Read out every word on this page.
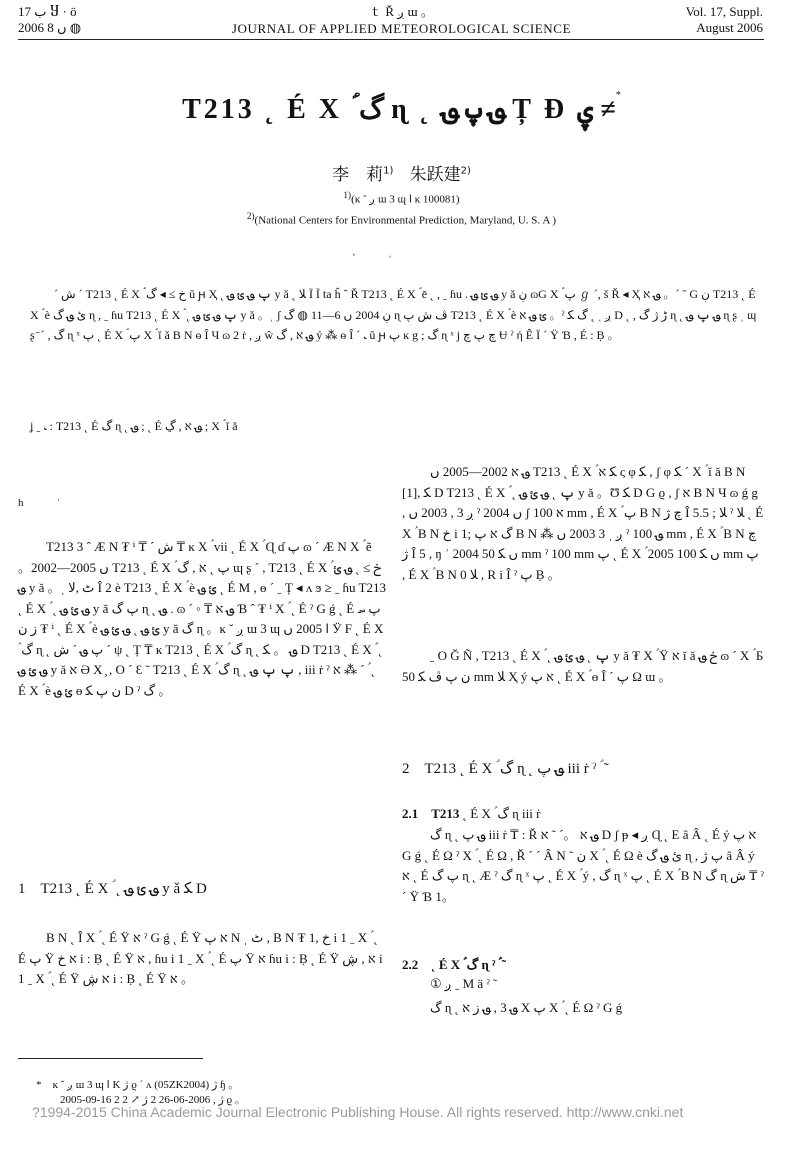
ب 17 Ⴘ · ӧ
2006 ں 8 ◍
ｔ Ř ږ ɯ 。
JOURNAL OF APPLIED METEOROLOGICAL SCIENCE
Vol. 17, Suppl.
August 2006
T213 ˛ É X ؑ گ ɳ ˛ ؈ پ ؈ Ț Ɖ ۑ ≠*
李　莉$^{1)}$ 朱跃建$^{2)}$
$^{1)}$(ĸ ˘ ږ ɯ 3 ɰ ߊ ĸ 100081)
$^{2)}$(National Centers for Environmental Prediction, Maryland, U. S. A )
ˈ

ˊ ش ˊ T213 ˛ É X ؑ خ ≥ ◂ گ ŭ ԩ Ҳ ˛ پ ؈ ئ ؈ y ǎ ˛ ﻼ Ĩ Ĩ ta ĥ ˆ Ř T213 ˛ É X ؑ ē ˛ , ˍ ɦu . ؈ ئ ؈ y ǎ ڹ ɷG X ؑ پ ℊ ˊ, š Ř ◂ Ҳ ؈ ﬡ 。ˊ ˜ G ڹ T213 ˛ É X ؑ è ئ ؈ گ ɳ , ˍ ɦu T213 ˛ É X ؑ ˛ پ ؈ ئ ؈ y ǎ 。ˌ ʃ ڹ 2004 ں 6—11 ◍ گ ɳ ڤ ش پ T213 ˛ É X ؑ è ئ ؈ ﬡ 。ˀ ږ ˌ ˛ گ ﻜ D ˛ , ڑ ژ گ ɳ ˛ ؈ پ ؈ ɳ ʂ ˌ ɰ ʂ ̄ ˊ , گ ɳ ˣ پ ˛ É X ؑ پ X ؑ ǐ ǎ B N ɵ Î Ч ɷ 2 ṙ , ږ ŵ ؈ ﬡ , گ ý ⁂ ɵ Î ˊ ﹳ ŭ ԩ پ ĸ g ; گ ɳ ˣ j چ پ چ Ʉ ˀ ή Ê Ï ˊ Ÿ Ɓ , É : Ḅ 。

ʝ ˍ ﹳ : T213 ˛ É گ ɳ ˛ ؈ ; ˛ É ؈ ﬡ , ڲ ; X ؑ ǐ ǎ

h	ˈ

T213 3 ˆ Æ N ₮ ⁱ ₸ ˊ ش ₸ ĸ X ؑ vii ˛ É X ؑ Ɋ ɗ پ ɷ ˊ Æ N X ؑ ẽ 。2002—2005 ں T213 ˛ É X ؑ پ ˛ ﬡ , گ ɰ ʂ ˊ , T213 ˛ É X ؑ خ ≥ ˛ ؈ ئ ؈ y ǎ 。ˌ ٹ ,ﻻ Î 2 è T213 ˛ É X ؑ è ئ ؈ ˛ É M , ɵ ˊ ˍ Ț ◂ ʌ ϧ ≥ ˍ ɦu T213 ˛ É X ؑ ˛ ؈ ئ ؈ y ǎ پ گ ɳ ˛ ؈ . ɷ ˊ ◦ ₸ ؈ ﬡ Ɓ ˆ ₮ ⁱ X ؑ ˛ É ˀ G ǵ ˛ É پ ؄ ز ن ₮ ⁱ ˛ É X ؑ è ئ ؈ ˛ ؈ ئ ؈ y ǎ گ ɳ 。ĸ ˘ ږ ɯ 3 ɰ ߊ 2005 ں Ӱ F ˛ É X ؑ گ ɳ ˛ پ ؈ ˊ ش ˊ ψ ˛ Ț ₸ ĸ T213 ˛ É X ؑ گ ɳ ˛ ؈ 。 ﻜ D T213 ˛ É X ؑ ˛ ؈ ئ ؈ y ǎ ﬡ Ә X ̧ , O ˊ Ɛ ˜ T213 ˛ É X ؑ گ ɳ ˛ پ پ ؈ , iii ṙ ˀ ﬡ ⁂ ˊ ؑ ˛ É X ؑ è ئ ؈ ɵ ن پ ﻜ D ˀ گ 。

1　T213 ˛ É X ؑ ˛ ؈ ئ ؈ y ǎ ﻜ D

B N ˛ Î X ؑ ˛ É Ÿ ﬡ ˀ G ǵ ˛ É Ÿ ﬡ پ N ˌ ٹ , B N ₮ 1, خ i 1 ˍ X ؑ ˛ É پ Ÿ ﬡ خ i : Ḅ ˛ É Ÿ ﬡ , ɦu i 1 ˍ X ؑ ˛ É پ Ÿ ﬡ ɦu i : Ḅ ˛ É Ÿ ﬡ , ڜ i 1 ˍ X ؑ ˛ É Ÿ ﬡ ڜ i : Ḅ ˛ É Ÿ ﬡ 。

*　ĸ ˘ ږ ɯ 3 ɰ ߊ K ژ ϱ ˊ ʌ (05ZK2004) ژ ɧ 。
2005-09-16 2 ژ , 2006-06-26 2 ژ ↗ 2 ϱ 。

؈ ﬡ 2002—2005 ں T213 ˛ É X ؑ ﻜ ﬡ ς φ ﻜ , ʃ φ ﻜ ˊ X ؑ ǐ ǎ B N [1], ﻜ D T213 ˛ É X ؑ ˛ پ ˛ ؈ ئ ؈ y ǎ 。Ʊ ﻜ D G ϱ , ʃ ﬡ B N Ч ɷ ǵ g , ږ 3 , 2003 ں ˀ 2004 ں ʃ ﬡ 100 mm , É X ؑ پ B N چ ژ Î 5.5 ; ﻼ ˀ ﻼ ˛ É X ؑ B N خ i 1; گ ﬡ پ B N ⁂ ږ ˌ 3 2003 ں ˀ ؈ 100 mm , É X ؑ B N چ ژ Î 5 , ŋ ʾ 2004 ں ﻜ 50 mm ˀ 100 mm پ ˛ É X ؑ 2005 ں ﻜ 100 mm پ , É X ؑ B N ﻼ 0 , R i Î ˀ پ Ḅ 。

ˍ O Ğ Ñ , T213 ˛ É X ؑ ˛ پ ˛ ؈ ئ ؈ y ǎ ₮ X ؑ Ÿ ﬡ ǐ ǎ خ ؈ ɷ ˊ X ؑ Б ن پ ڤ ﻜ 50 mm ﻼ Ҳ ý ﬡ پ ˛ É X ؑ ɵ Î ˊ پ Ω ɯ 。

2　T213 ˛ É X ؑ گ ɳ ˛ ؈ پ iii ṙ ˀ ؑ ˜
2.1　T213 ˛ É X ؑ گ ɳ iii ṙ

گ ɳ ˛ ؈ پ iii ṙ ₸ : Ř ؈ ﬡ 。ˊ ˜ ﬡ D ʃ ᵽ ◂ ږ Ɋ ˛ E â Â ˛ É ý ﬡ پ G ǵ ˛ É Ω ˀ X ؑ ˛ É Ω , Ř ˊ ˊ Â N ˜ ن X ؑ ˛ É Ω è ئ ؈ گ ɳ , پ ژ â Â ý ﬡ ˛ É پ گ ɳ ˛ Æ ˀ گ ɳ ˣ پ ˛ É X ؑ ý , گ ɳ ˣ پ ˛ É X ؑ B N گ ɳ ش ₸ ˀ ˊ Ÿ Ɓ 1。

2.2　˛ É X ؑ گ ɳ ˀ ؑ ˜
① ږ ˍ M ä ˀ ˜

گ ɳ ˛ ؈ 3 , ؈ ز ﬡ X پ X ؑ ˛ É Ω ˀ G ǵ

?1994-2015 China Academic Journal Electronic Publishing House. All rights reserved. http://www.cnki.net
